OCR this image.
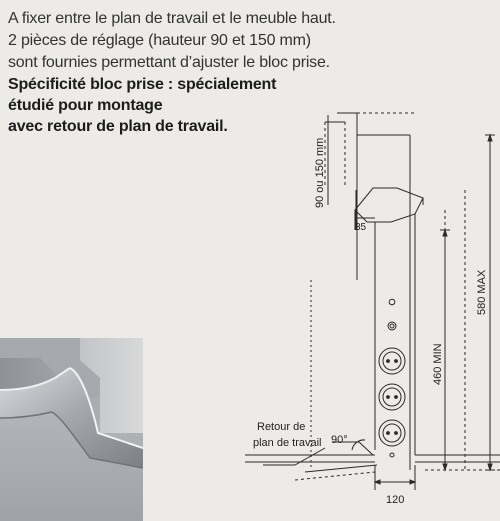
A fixer entre le plan de travail et le meuble haut.

2 pièces de réglage (hauteur 90 et 150 mm)

sont fournies permettant d’ajuster le bloc prise.

Spécificité bloc prise : spécialement

étudié pour montage

avec retour de plan de travail.

90 ou 150 mm
35
580 MAX
460 MIN
Retour de
plan de travail 90°
120
